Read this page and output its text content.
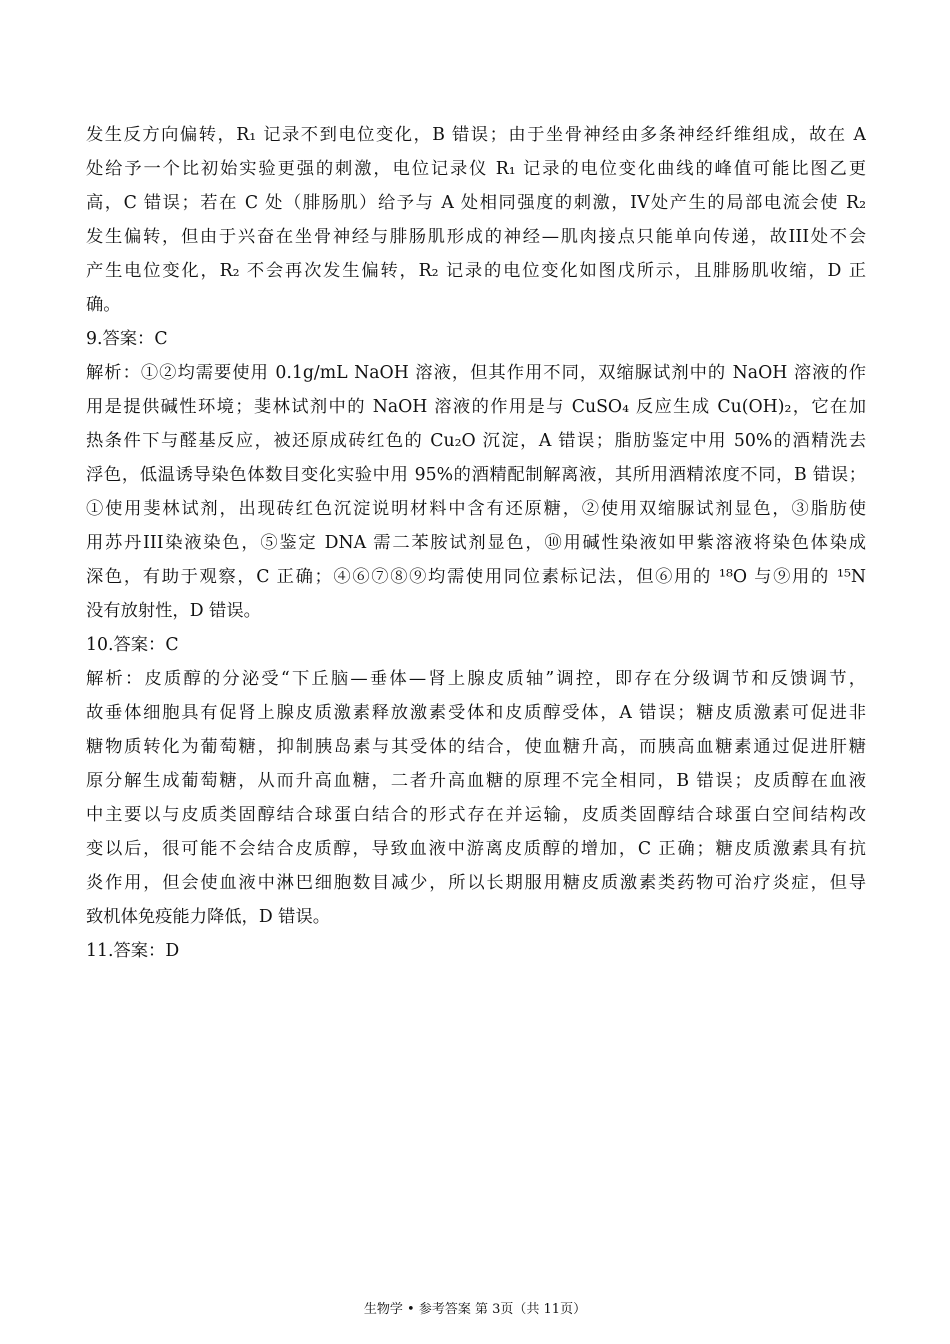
发生反方向偏转，R₁ 记录不到电位变化，B 错误；由于坐骨神经由多条神经纤维组成，故在 A
处给予一个比初始实验更强的刺激，电位记录仪 R₁ 记录的电位变化曲线的峰值可能比图乙更
高，C 错误；若在 C 处（腓肠肌）给予与 A 处相同强度的刺激，IV处产生的局部电流会使 R₂
发生偏转，但由于兴奋在坐骨神经与腓肠肌形成的神经—肌肉接点只能单向传递，故III处不会
产生电位变化，R₂ 不会再次发生偏转，R₂ 记录的电位变化如图戊所示，且腓肠肌收缩，D 正
确。
9.答案：C
解析：①②均需要使用 0.1g/mL NaOH 溶液，但其作用不同，双缩脲试剂中的 NaOH 溶液的作
用是提供碱性环境；斐林试剂中的 NaOH 溶液的作用是与 CuSO₄ 反应生成 Cu(OH)₂，它在加
热条件下与醛基反应，被还原成砖红色的 Cu₂O 沉淀，A 错误；脂肪鉴定中用 50%的酒精洗去
浮色，低温诱导染色体数目变化实验中用 95%的酒精配制解离液，其所用酒精浓度不同，B 错误；
①使用斐林试剂，出现砖红色沉淀说明材料中含有还原糖，②使用双缩脲试剂显色，③脂肪使
用苏丹III染液染色，⑤鉴定 DNA 需二苯胺试剂显色，⑩用碱性染液如甲紫溶液将染色体染成
深色，有助于观察，C 正确；④⑥⑦⑧⑨均需使用同位素标记法，但⑥用的 ¹⁸O 与⑨用的 ¹⁵N
没有放射性，D 错误。
10.答案：C
解析：皮质醇的分泌受“下丘脑—垂体—肾上腺皮质轴”调控，即存在分级调节和反馈调节，
故垂体细胞具有促肾上腺皮质激素释放激素受体和皮质醇受体，A 错误；糖皮质激素可促进非
糖物质转化为葡萄糖，抑制胰岛素与其受体的结合，使血糖升高，而胰高血糖素通过促进肝糖
原分解生成葡萄糖，从而升高血糖，二者升高血糖的原理不完全相同，B 错误；皮质醇在血液
中主要以与皮质类固醇结合球蛋白结合的形式存在并运输，皮质类固醇结合球蛋白空间结构改
变以后，很可能不会结合皮质醇，导致血液中游离皮质醇的增加，C 正确；糖皮质激素具有抗
炎作用，但会使血液中淋巴细胞数目减少，所以长期服用糖皮质激素类药物可治疗炎症，但导
致机体免疫能力降低，D 错误。
11.答案：D
生物学 • 参考答案 第 3页（共 11页）
